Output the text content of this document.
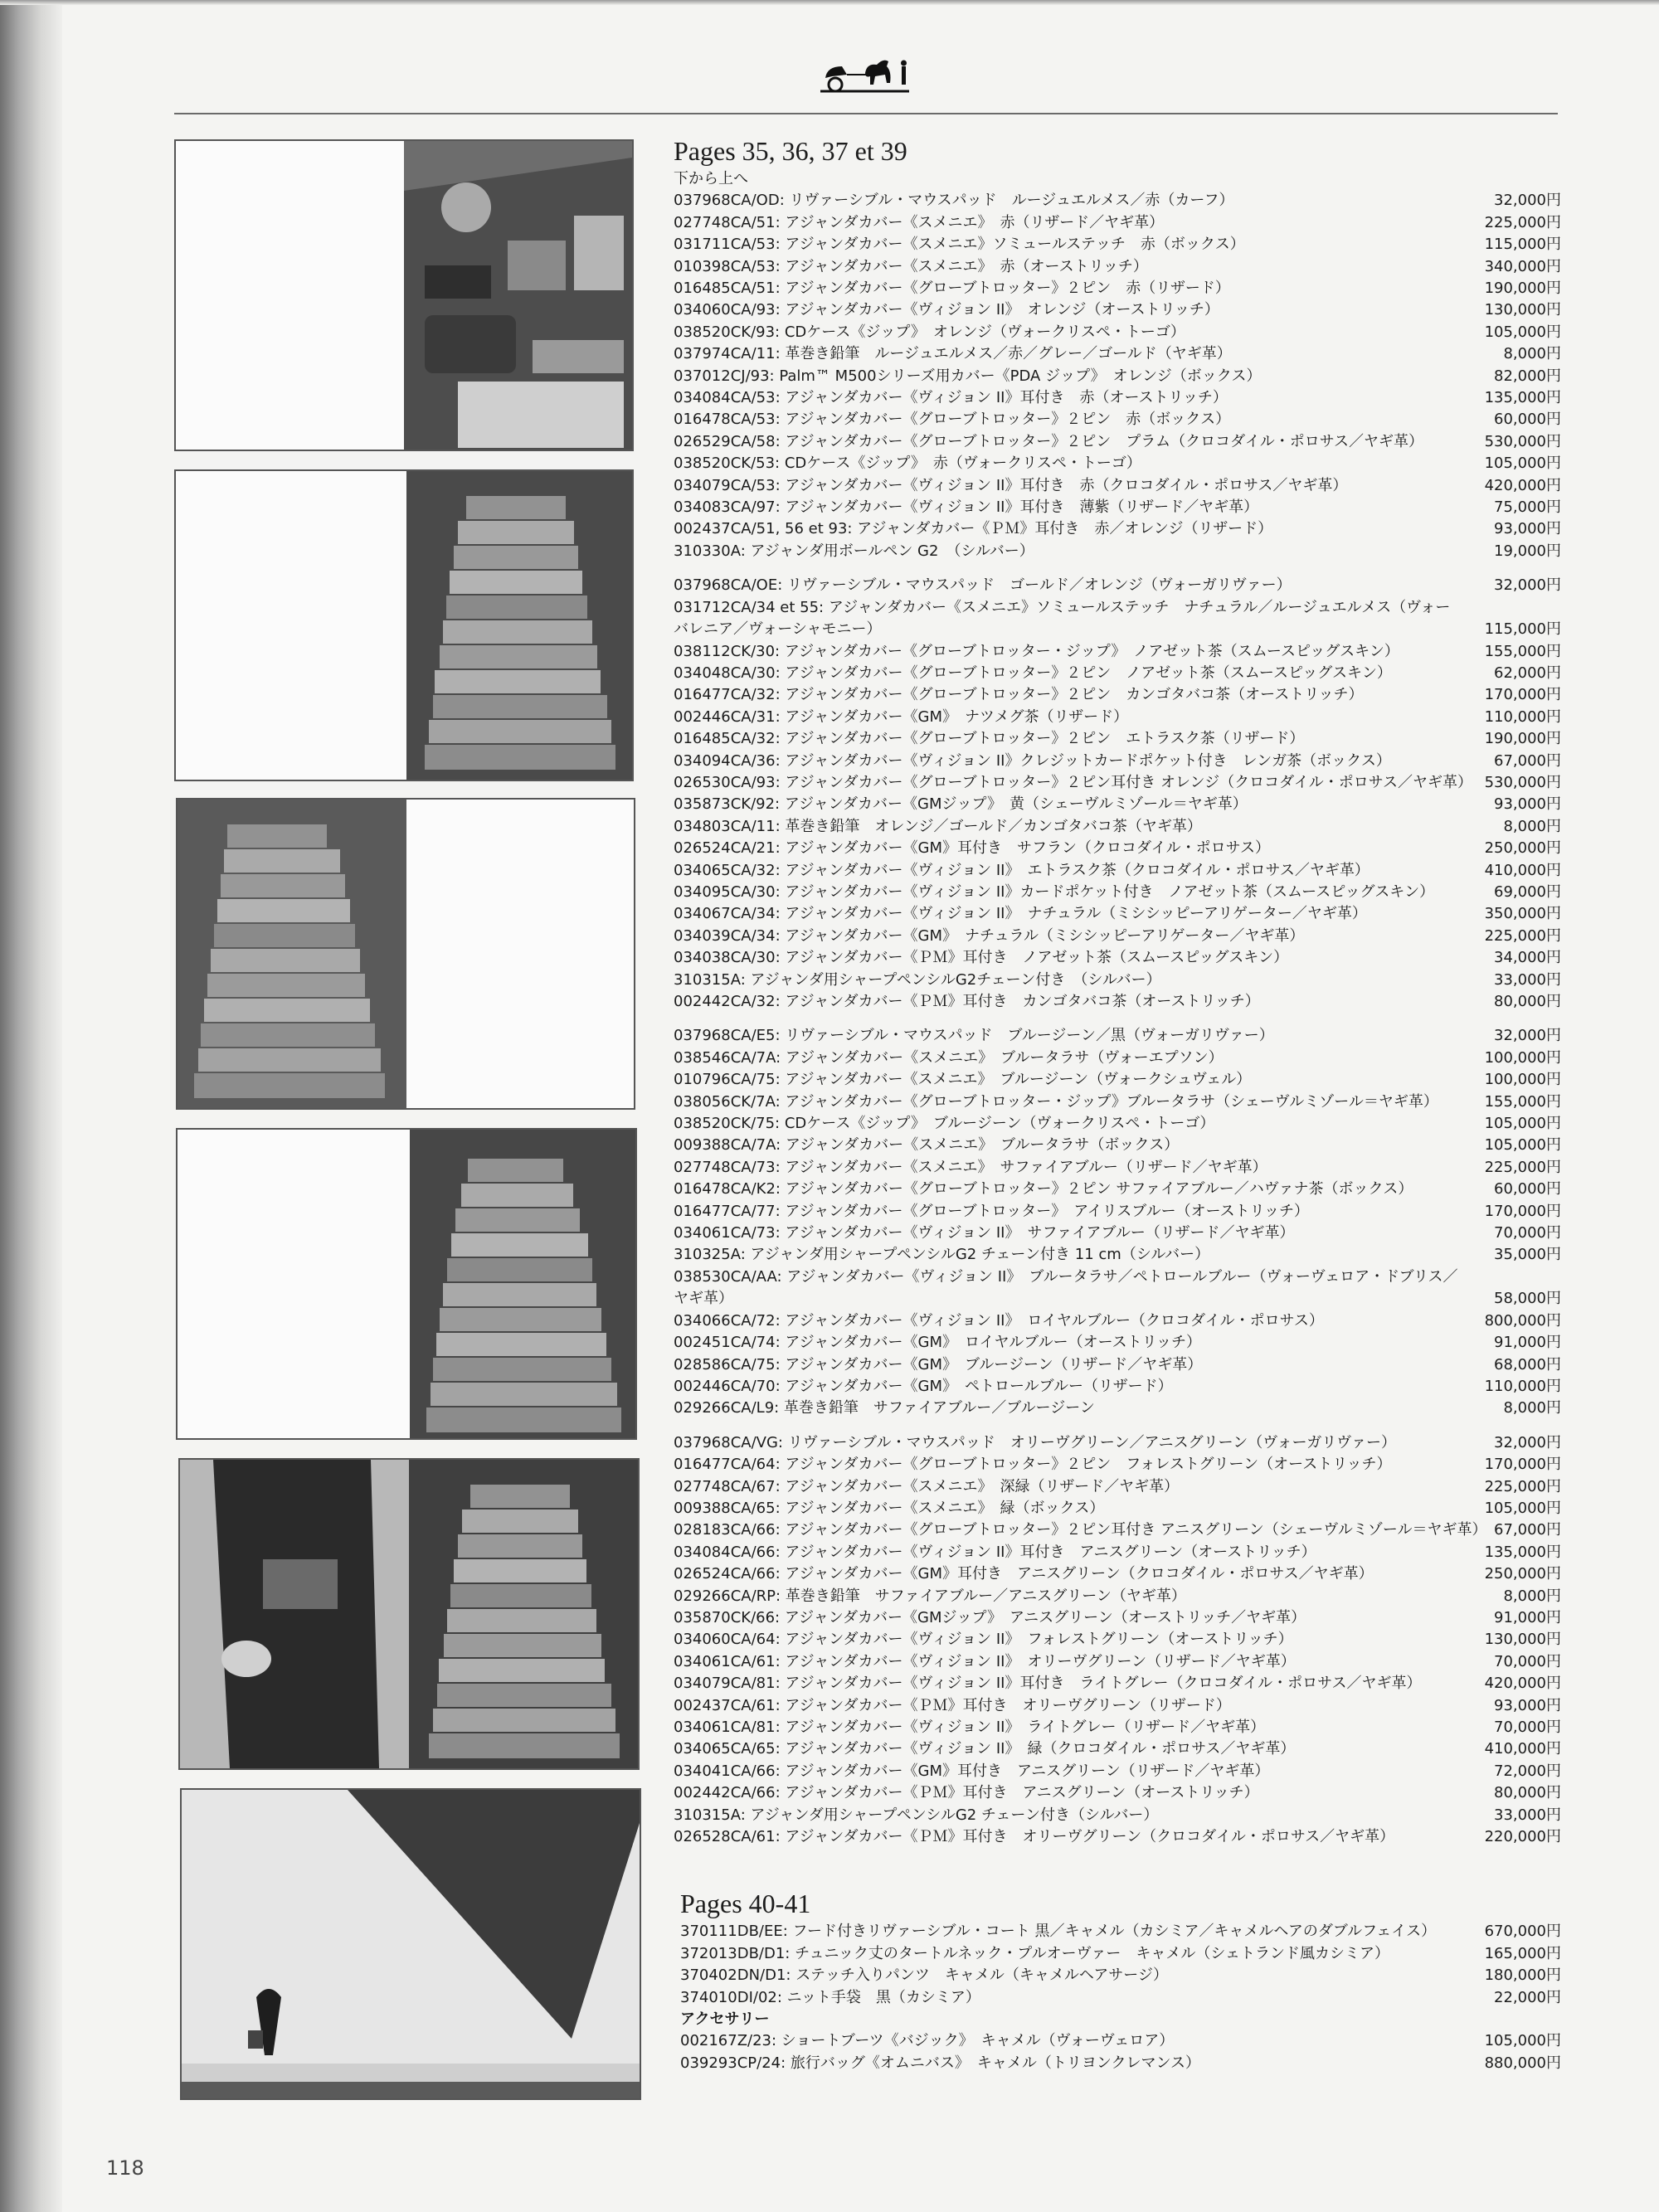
Pages 35, 36, 37 et 39
下から上へ
037968CA/OD: リヴァーシブル・マウスパッド　ルージュエルメス／赤（カーフ）	32,000円
027748CA/51: アジャンダカバー《スメニエ》　赤（リザード／ヤギ革）	225,000円
031711CA/53: アジャンダカバー《スメニエ》ソミュールステッチ　赤（ボックス）	115,000円
010398CA/53: アジャンダカバー《スメニエ》　赤（オーストリッチ）	340,000円
016485CA/51: アジャンダカバー《グローブトロッター》２ピン　赤（リザード）	190,000円
034060CA/93: アジャンダカバー《ヴィジョン II》　オレンジ（オーストリッチ）	130,000円
038520CK/93: CDケース《ジップ》　オレンジ（ヴォークリスペ・トーゴ）	105,000円
037974CA/11: 革巻き鉛筆　ルージュエルメス／赤／グレー／ゴールド（ヤギ革）	8,000円
037012CJ/93: Palm™ M500シリーズ用カバー《PDA ジップ》　オレンジ（ボックス）	82,000円
034084CA/53: アジャンダカバー《ヴィジョン II》耳付き　赤（オーストリッチ）	135,000円
016478CA/53: アジャンダカバー《グローブトロッター》２ピン　赤（ボックス）	60,000円
026529CA/58: アジャンダカバー《グローブトロッター》２ピン　プラム（クロコダイル・ポロサス／ヤギ革）	530,000円
038520CK/53: CDケース《ジップ》　赤（ヴォークリスペ・トーゴ）	105,000円
034079CA/53: アジャンダカバー《ヴィジョン II》耳付き　赤（クロコダイル・ポロサス／ヤギ革）	420,000円
034083CA/97: アジャンダカバー《ヴィジョン II》耳付き　薄紫（リザード／ヤギ革）	75,000円
002437CA/51, 56 et 93: アジャンダカバー《ＰＭ》耳付き　赤／オレンジ（リザード）	93,000円
310330A: アジャンダ用ボールペン G2　（シルバー）	19,000円
037968CA/OE: リヴァーシブル・マウスパッド　ゴールド／オレンジ（ヴォーガリヴァー）	32,000円
031712CA/34 et 55: アジャンダカバー《スメニエ》ソミュールステッチ　ナチュラル／ルージュエルメス（ヴォーバレニア／ヴォーシャモニー）	115,000円
038112CK/30: アジャンダカバー《グローブトロッター・ジップ》　ノアゼット茶（スムースピッグスキン）	155,000円
034048CA/30: アジャンダカバー《グローブトロッター》２ピン　ノアゼット茶（スムースピッグスキン）	62,000円
016477CA/32: アジャンダカバー《グローブトロッター》２ピン　カンゴタバコ茶（オーストリッチ）	170,000円
002446CA/31: アジャンダカバー《GM》　ナツメグ茶（リザード）	110,000円
016485CA/32: アジャンダカバー《グローブトロッター》２ピン　エトラスク茶（リザード）	190,000円
034094CA/36: アジャンダカバー《ヴィジョン II》クレジットカードポケット付き　レンガ茶（ボックス）	67,000円
026530CA/93: アジャンダカバー《グローブトロッター》２ピン耳付き オレンジ（クロコダイル・ポロサス／ヤギ革） 530,000円
035873CK/92: アジャンダカバー《GMジップ》　黄（シェーヴルミゾール＝ヤギ革）	93,000円
034803CA/11: 革巻き鉛筆　オレンジ／ゴールド／カンゴタバコ茶（ヤギ革）	8,000円
026524CA/21: アジャンダカバー《GM》耳付き　サフラン（クロコダイル・ポロサス）	250,000円
034065CA/32: アジャンダカバー《ヴィジョン II》　エトラスク茶（クロコダイル・ポロサス／ヤギ革）	410,000円
034095CA/30: アジャンダカバー《ヴィジョン II》カードポケット付き　ノアゼット茶（スムースピッグスキン）	69,000円
034067CA/34: アジャンダカバー《ヴィジョン II》　ナチュラル（ミシシッピーアリゲーター／ヤギ革）	350,000円
034039CA/34: アジャンダカバー《GM》　ナチュラル（ミシシッピーアリゲーター／ヤギ革）	225,000円
034038CA/30: アジャンダカバー《ＰＭ》耳付き　ノアゼット茶（スムースピッグスキン）	34,000円
310315A: アジャンダ用シャープペンシルG2チェーン付き　（シルバー）	33,000円
002442CA/32: アジャンダカバー《ＰＭ》耳付き　カンゴタバコ茶（オーストリッチ）	80,000円
037968CA/E5: リヴァーシブル・マウスパッド　ブルージーン／黒（ヴォーガリヴァー）	32,000円
038546CA/7A: アジャンダカバー《スメニエ》　ブルータラサ（ヴォーエプソン）	100,000円
010796CA/75: アジャンダカバー《スメニエ》　ブルージーン（ヴォークシュヴェル）	100,000円
038056CK/7A: アジャンダカバー《グローブトロッター・ジップ》ブルータラサ（シェーヴルミゾール＝ヤギ革）	155,000円
038520CK/75: CDケース《ジップ》　ブルージーン（ヴォークリスペ・トーゴ）	105,000円
009388CA/7A: アジャンダカバー《スメニエ》　ブルータラサ（ボックス）	105,000円
027748CA/73: アジャンダカバー《スメニエ》　サファイアブルー（リザード／ヤギ革）	225,000円
016478CA/K2: アジャンダカバー《グローブトロッター》２ピン サファイアブルー／ハヴァナ茶（ボックス）	60,000円
016477CA/77: アジャンダカバー《グローブトロッター》　アイリスブルー（オーストリッチ）	170,000円
034061CA/73: アジャンダカバー《ヴィジョン II》　サファイアブルー（リザード／ヤギ革）	70,000円
310325A: アジャンダ用シャープペンシルG2 チェーン付き 11 cm（シルバー）	35,000円
038530CA/AA: アジャンダカバー《ヴィジョン II》　ブルータラサ／ペトロールブルー（ヴォーヴェロア・ドブリス／ヤギ革）	58,000円
034066CA/72: アジャンダカバー《ヴィジョン II》　ロイヤルブルー（クロコダイル・ポロサス）	800,000円
002451CA/74: アジャンダカバー《GM》　ロイヤルブルー（オーストリッチ）	91,000円
028586CA/75: アジャンダカバー《GM》　ブルージーン（リザード／ヤギ革）	68,000円
002446CA/70: アジャンダカバー《GM》　ペトロールブルー（リザード）	110,000円
029266CA/L9: 革巻き鉛筆　サファイアブルー／ブルージーン	8,000円
037968CA/VG: リヴァーシブル・マウスパッド　オリーヴグリーン／アニスグリーン（ヴォーガリヴァー）	32,000円
016477CA/64: アジャンダカバー《グローブトロッター》２ピン　フォレストグリーン（オーストリッチ）	170,000円
027748CA/67: アジャンダカバー《スメニエ》　深緑（リザード／ヤギ革）	225,000円
009388CA/65: アジャンダカバー《スメニエ》　緑（ボックス）	105,000円
028183CA/66: アジャンダカバー《グローブトロッター》２ピン耳付き アニスグリーン（シェーヴルミゾール＝ヤギ革） 67,000円
034084CA/66: アジャンダカバー《ヴィジョン II》耳付き　アニスグリーン（オーストリッチ）	135,000円
026524CA/66: アジャンダカバー《GM》耳付き　アニスグリーン（クロコダイル・ポロサス／ヤギ革）	250,000円
029266CA/RP: 革巻き鉛筆　サファイアブルー／アニスグリーン（ヤギ革）	8,000円
035870CK/66: アジャンダカバー《GMジップ》　アニスグリーン（オーストリッチ／ヤギ革）	91,000円
034060CA/64: アジャンダカバー《ヴィジョン II》　フォレストグリーン（オーストリッチ）	130,000円
034061CA/61: アジャンダカバー《ヴィジョン II》　オリーヴグリーン（リザード／ヤギ革）	70,000円
034079CA/81: アジャンダカバー《ヴィジョン II》耳付き　ライトグレー（クロコダイル・ポロサス／ヤギ革）	420,000円
002437CA/61: アジャンダカバー《ＰＭ》耳付き　オリーヴグリーン（リザード）	93,000円
034061CA/81: アジャンダカバー《ヴィジョン II》　ライトグレー（リザード／ヤギ革）	70,000円
034065CA/65: アジャンダカバー《ヴィジョン II》　緑（クロコダイル・ポロサス／ヤギ革）	410,000円
034041CA/66: アジャンダカバー《GM》耳付き　アニスグリーン（リザード／ヤギ革）	72,000円
002442CA/66: アジャンダカバー《ＰＭ》耳付き　アニスグリーン（オーストリッチ）	80,000円
310315A: アジャンダ用シャープペンシルG2 チェーン付き（シルバー）	33,000円
026528CA/61: アジャンダカバー《ＰＭ》耳付き　オリーヴグリーン（クロコダイル・ポロサス／ヤギ革）	220,000円
Pages 40-41
370111DB/EE: フード付きリヴァーシブル・コート 黒／キャメル（カシミア／キャメルヘアのダブルフェイス）	670,000円
372013DB/D1: チュニック丈のタートルネック・プルオーヴァー　キャメル（シェトランド風カシミア）	165,000円
370402DN/D1: ステッチ入りパンツ　キャメル（キャメルヘアサージ）	180,000円
374010DI/02: ニット手袋　黒（カシミア）	22,000円
アクセサリー
002167Z/23: ショートブーツ《バジック》　キャメル（ヴォーヴェロア）	105,000円
039293CP/24: 旅行バッグ《オムニバス》　キャメル（トリヨンクレマンス）	880,000円
118
